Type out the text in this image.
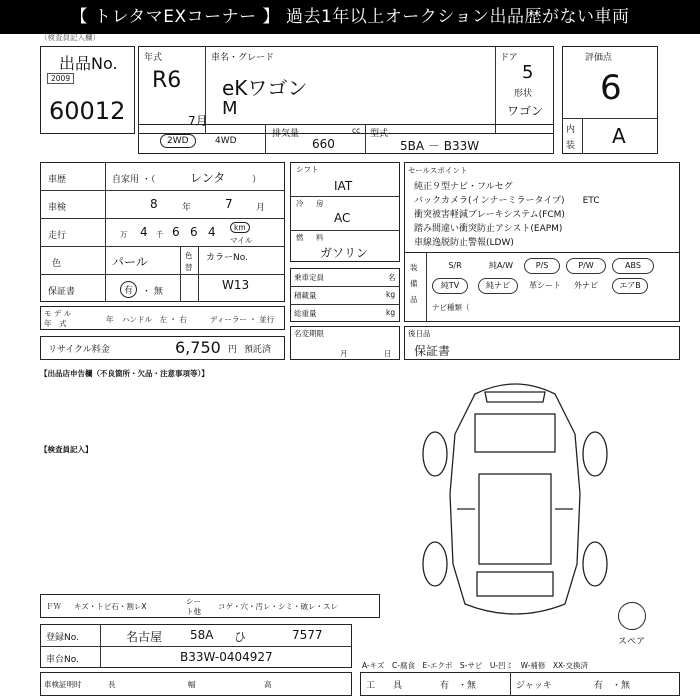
【 トレタマEXコーナー 】 過去1年以上オークション出品歴がない車両
（検査員記入欄）
出品No.
2009
60012
年式
R6
7月
車名・グレード
eKワゴン
M
ドア
5
形状
ワゴン
評価点
6
内
装 A
2WD	4WD
排気量	cc
660
型式
5BA － B33W
車歴	自家用 ・（	レンタ	）
車検	8	年	7	月
走行	万 4 千 6 6 4	km
マイル
色	パール	色
替
カラーNo.
W13
保証書	有 ・ 無
モ デ ル
年　式	年 ハンドル　左 ・ 右	ディーラー ・ 並行
リサイクル料金	6,750 円 預託済
シフト
IAT
冷 房
AC
燃 料
ガソリン
乗車定員	名
積載量	kg
総重量	kg
名変期限
月	日
セールスポイント
純正９型ナビ・フルセグ
バックカメラ(インナーミラータイプ)　　ETC
衝突被害軽減ブレーキシステム(FCM)
踏み間違い衝突防止アシスト(EAPM)
車線逸脱防止警報(LDW)
装
備
品
S/R	純A/W	P/S	P/W	ABS
純TV	純ナビ	革シート	外ナビ	エアB
ナビ種類（
後日品
保証書
【出品店申告欄（不良箇所・欠品・注意事項等）】
【検査員記入】
スペア
ＦＷ キズ・トビ石・割レX
シー
ト他
コゲ・穴・汚レ・シミ・破レ・スレ
登録No.	名古屋 58A ひ	7577
車台No.	B33W-0404927
A-キズ　C-腐食　E-エクボ　S-サビ　U-凹ミ　W-補修　XX-交換済
車検証明时	長	幅	高	工　　具	有 ・無	ジャッキ	有 ・無
